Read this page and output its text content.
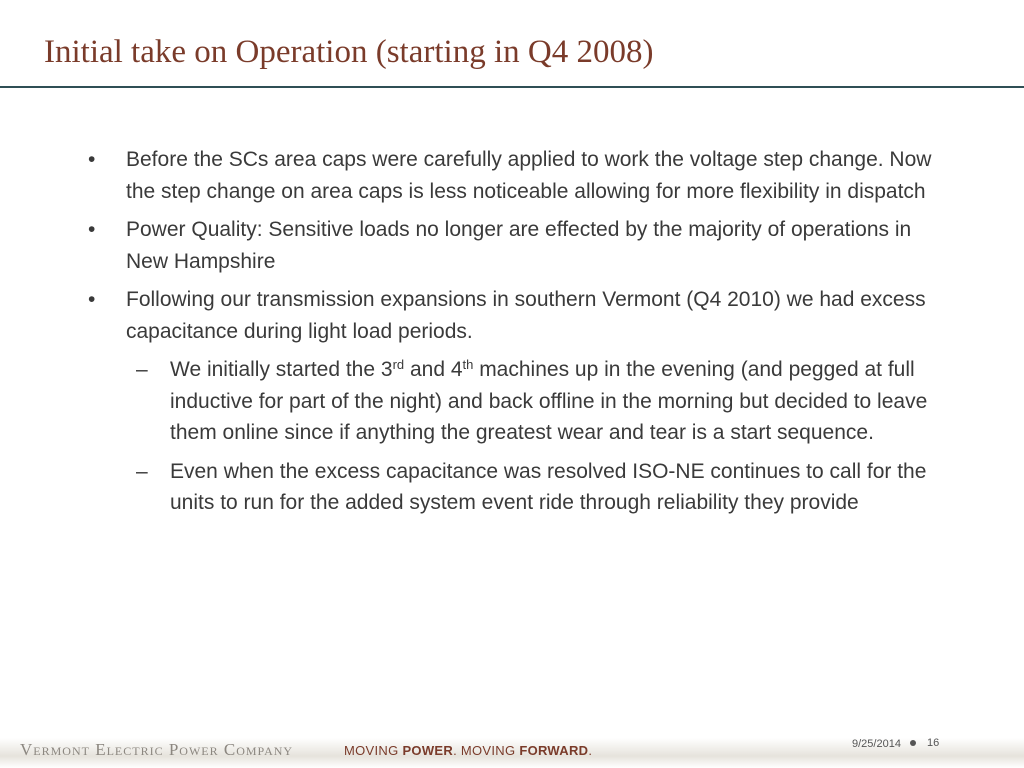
Initial take on Operation (starting in Q4 2008)
• Before the SCs area caps were carefully applied to work the voltage step change. Now the step change on area caps is less noticeable allowing for more flexibility in dispatch
• Power Quality: Sensitive loads no longer are effected by the majority of operations in New Hampshire
• Following our transmission expansions in southern Vermont (Q4 2010) we had excess capacitance during light load periods.
– We initially started the 3rd and 4th machines up in the evening (and pegged at full inductive for part of the night) and back offline in the morning but decided to leave them online since if anything the greatest wear and tear is a start sequence.
– Even when the excess capacitance was resolved ISO-NE continues to call for the units to run for the added system event ride through reliability they provide
Vermont Electric Power Company	MOVING POWER. MOVING FORWARD.	9/25/2014 16
